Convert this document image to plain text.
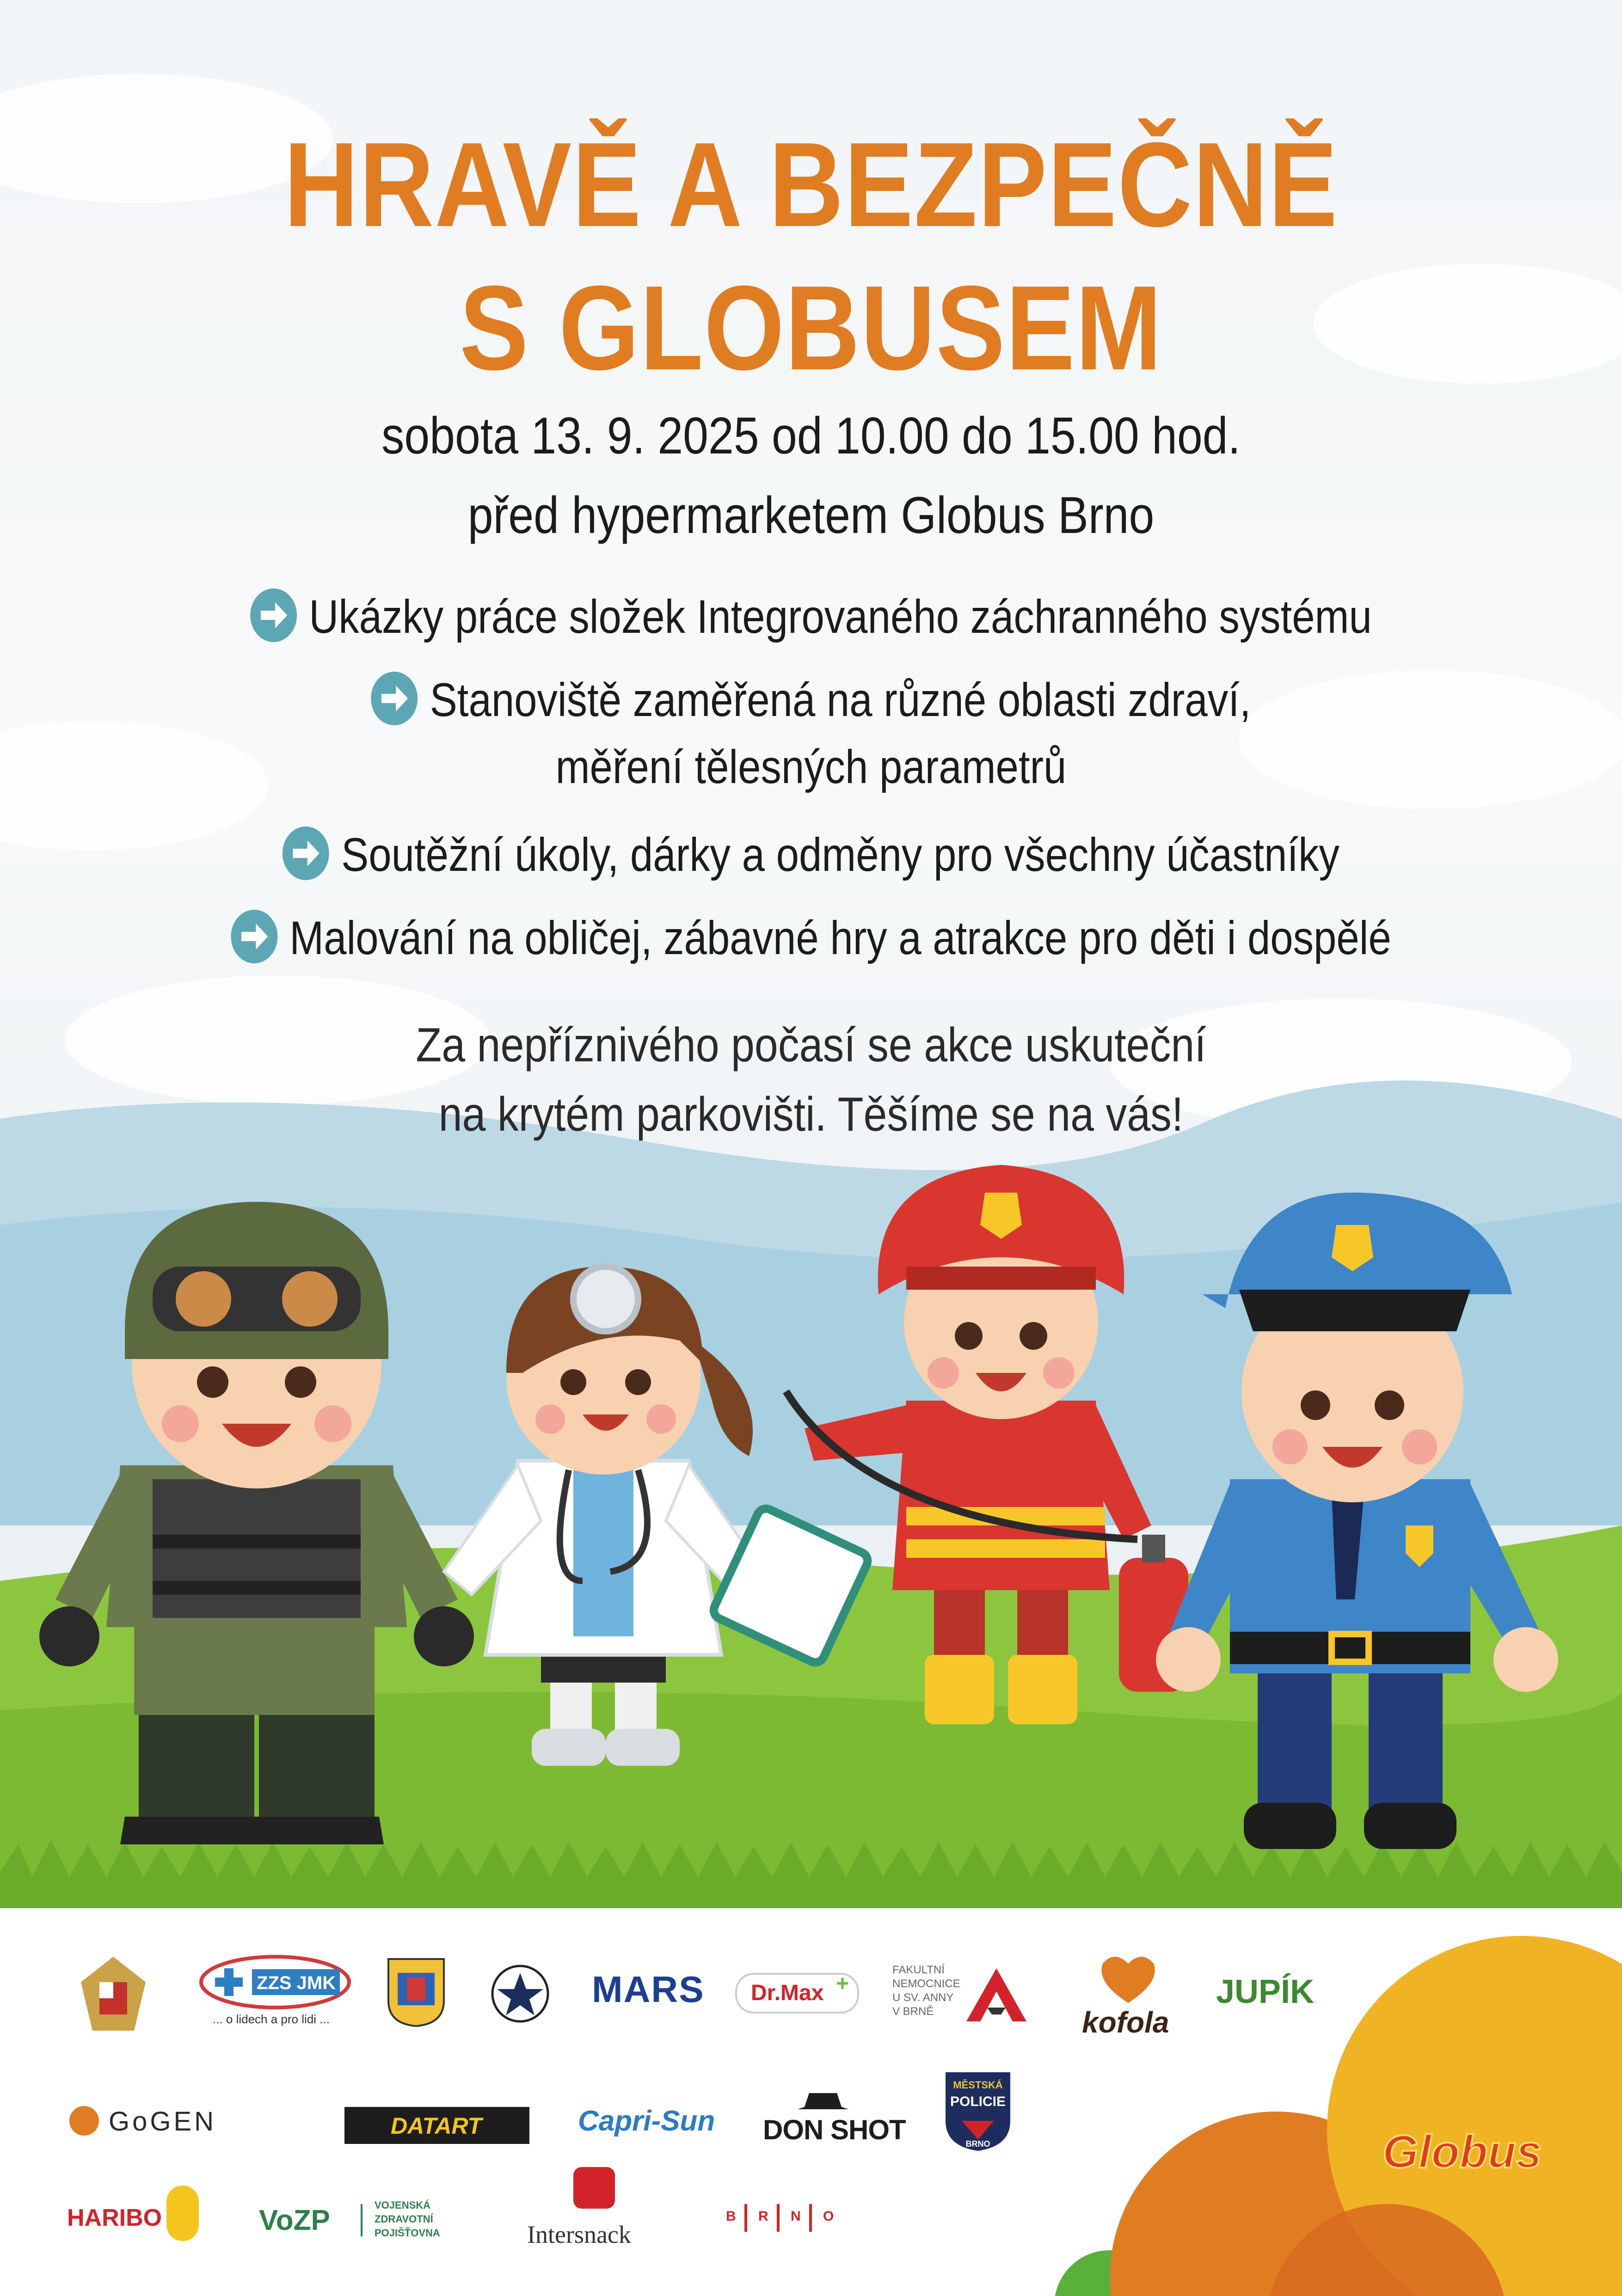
HRAVĚ A BEZPEČNĚ
S GLOBUSEM
sobota 13. 9. 2025 od 10.00 do 15.00 hod.
před hypermarketem Globus Brno
Ukázky práce složek Integrovaného záchranného systému
Stanoviště zaměřená na různé oblasti zdraví,
měření tělesných parametrů
Soutěžní úkoly, dárky a odměny pro všechny účastníky
Malování na obličej, zábavné hry a atrakce pro děti i dospělé
Za nepříznivého počasí se akce uskuteční
na krytém parkovišti. Těšíme se na vás!
ZZS JMK
... o lidech a pro lidi ...
MARS Dr.Max +
FAKULTNÍ
NEMOCNICE
U SV. ANNY
V BRNĚ	kofola
JUPÍK
GoGEN	DATART	Capri-Sun DON SHOT
MĚSTSKÁ
POLICIE
BRNO
HARIBO	VoZP	VOJENSKÁ
ZDRAVOTNÍ
POJIŠŤOVNA	Intersnack
B R N O
Globus
